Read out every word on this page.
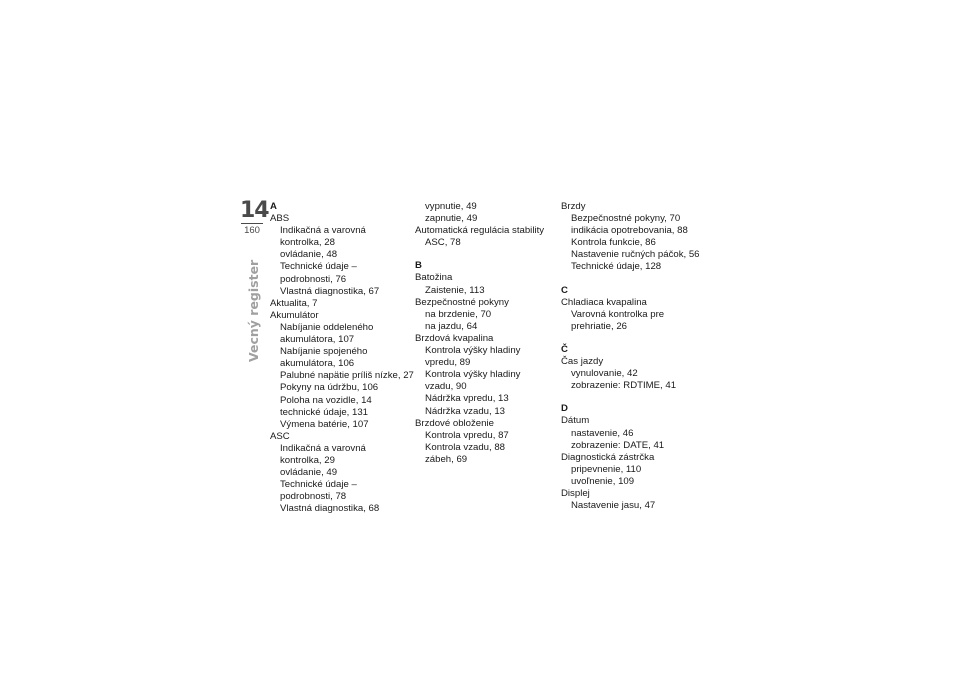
14
160
Vecný register

A

ABS

Indikačná a varovná

kontrolka, 28

ovládanie, 48

Technické údaje –

podrobnosti, 76

Vlastná diagnostika, 67

Aktualita, 7

Akumulátor

Nabíjanie oddeleného

akumulátora, 107

Nabíjanie spojeného

akumulátora, 106

Palubné napätie príliš nízke, 27

Pokyny na údržbu, 106

Poloha na vozidle, 14

technické údaje, 131

Výmena batérie, 107

ASC

Indikačná a varovná

kontrolka, 29

ovládanie, 49

Technické údaje –

podrobnosti, 78

Vlastná diagnostika, 68

vypnutie, 49

zapnutie, 49

Automatická regulácia stability

ASC, 78

B

Batožina

Zaistenie, 113

Bezpečnostné pokyny

na brzdenie, 70

na jazdu, 64

Brzdová kvapalina

Kontrola výšky hladiny

vpredu, 89

Kontrola výšky hladiny

vzadu, 90

Nádržka vpredu, 13

Nádržka vzadu, 13

Brzdové obloženie

Kontrola vpredu, 87

Kontrola vzadu, 88

zábeh, 69

Brzdy

Bezpečnostné pokyny, 70

indikácia opotrebovania, 88

Kontrola funkcie, 86

Nastavenie ručných páčok, 56

Technické údaje, 128

C

Chladiaca kvapalina

Varovná kontrolka pre

prehriatie, 26

Č

Čas jazdy

vynulovanie, 42

zobrazenie: RDTIME, 41

D

Dátum

nastavenie, 46

zobrazenie: DATE, 41

Diagnostická zástrčka

pripevnenie, 110

uvoľnenie, 109

Displej

Nastavenie jasu, 47
